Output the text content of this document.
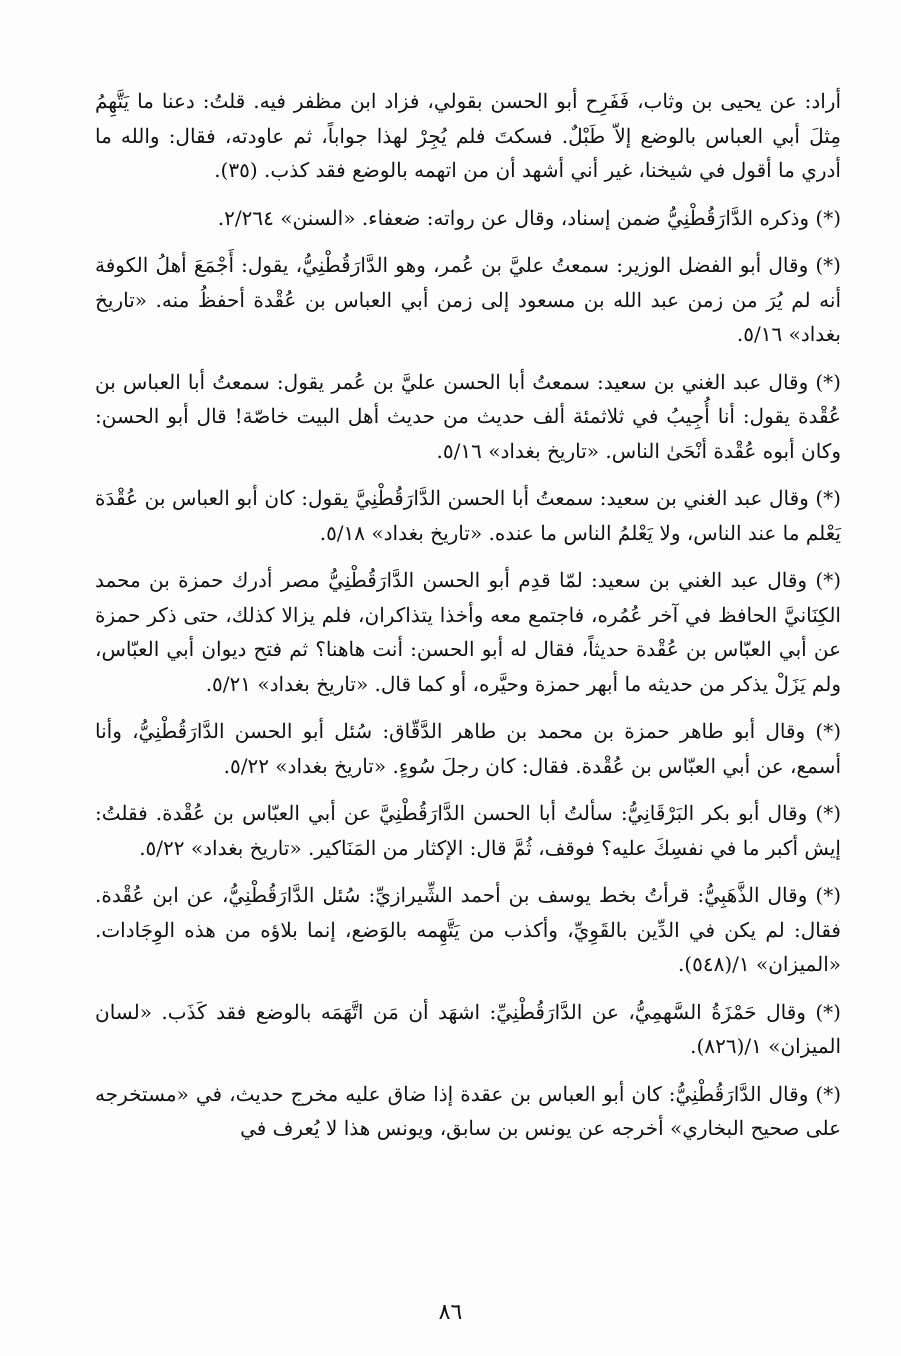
أراد: عن يحيى بن وثاب، فَفَرِح أبو الحسن بقولي، فزاد ابن مظفر فيه. قلتُ: دعنا ما يَتَّهِمُ مِثلَ أبي العباس بالوضع إلاّ طَبْلٌ. فسكتَ فلم يُجِرْ لهذا جواباً، ثم عاودته، فقال: والله ما أدري ما أقول في شيخنا، غير أني أشهد أن من اتهمه بالوضع فقد كذب. (٣٥).

(*) وذكره الدَّارَقُطْنِيُّ ضمن إسناد، وقال عن رواته: ضعفاء. «السنن» ٢/٢٦٤.

(*) وقال أبو الفضل الوزير: سمعتُ عليَّ بن عُمر، وهو الدَّارَقُطْنِيُّ، يقول: أَجْمَعَ أهلُ الكوفة أنه لم يُرَ من زمن عبد الله بن مسعود إلى زمن أبي العباس بن عُقْدة أحفظُ منه. «تاريخ بغداد» ٥/١٦.

(*) وقال عبد الغني بن سعيد: سمعتُ أبا الحسن عليَّ بن عُمر يقول: سمعتُ أبا العباس بن عُقْدة يقول: أنا أُجِيبُ في ثلاثمئة ألف حديث من حديث أهل البيت خاصّة! قال أبو الحسن: وكان أبوه عُقْدة أنْحَىٰ الناس. «تاريخ بغداد» ٥/١٦.

(*) وقال عبد الغني بن سعيد: سمعتُ أبا الحسن الدَّارَقُطْنِيَّ يقول: كان أبو العباس بن عُقْدَة يَعْلم ما عند الناس، ولا يَعْلمُ الناس ما عنده. «تاريخ بغداد» ٥/١٨.

(*) وقال عبد الغني بن سعيد: لمّا قدِم أبو الحسن الدَّارَقُطْنِيُّ مصر أدرك حمزة بن محمد الكِنَانيَّ الحافظ في آخر عُمُره، فاجتمع معه وأخذا يتذاكران، فلم يزالا كذلك، حتى ذكر حمزة عن أبي العبّاس بن عُقْدة حديثاً، فقال له أبو الحسن: أنت هاهنا؟ ثم فتح ديوان أبي العبّاس، ولم يَزَلْ يذكر من حديثه ما أبهر حمزة وحيَّره، أو كما قال. «تاريخ بغداد» ٥/٢١.

(*) وقال أبو طاهر حمزة بن محمد بن طاهر الدَّقّاق: سُئل أبو الحسن الدَّارَقُطْنِيُّ، وأنا أسمع، عن أبي العبّاس بن عُقْدة. فقال: كان رجلَ سُوءٍ. «تاريخ بغداد» ٥/٢٢.

(*) وقال أبو بكر البَرْقَانِيُّ: سألتُ أبا الحسن الدَّارَقُطْنِيَّ عن أبي العبّاس بن عُقْدة. فقلتُ: إيش أكبر ما في نفسِكَ عليه؟ فوقف، ثُمَّ قال: الإكثار من المَنَاكير. «تاريخ بغداد» ٥/٢٢.

(*) وقال الذَّهَبِيُّ: قرأتُ بخط يوسف بن أحمد الشِّيرازيِّ: سُئل الدَّارَقُطْنِيُّ، عن ابن عُقْدة. فقال: لم يكن في الدِّين بالقَوِيِّ، وأكذب من يَتَّهِمه بالوَضع، إنما بلاؤه من هذه الوِجَادات. «الميزان» ١/(٥٤٨).

(*) وقال حَمْزَةُ السَّهمِيُّ، عن الدَّارَقُطْنِيِّ: اشهَد أن مَن اتَّهَمَه بالوضع فقد كَذَب. «لسان الميزان» ١/(٨٢٦).

(*) وقال الدَّارَقُطْنِيُّ: كان أبو العباس بن عقدة إذا ضاق عليه مخرج حديث، في «مستخرجه على صحيح البخاري» أخرجه عن يونس بن سابق، ويونس هذا لا يُعرف في

٨٦
